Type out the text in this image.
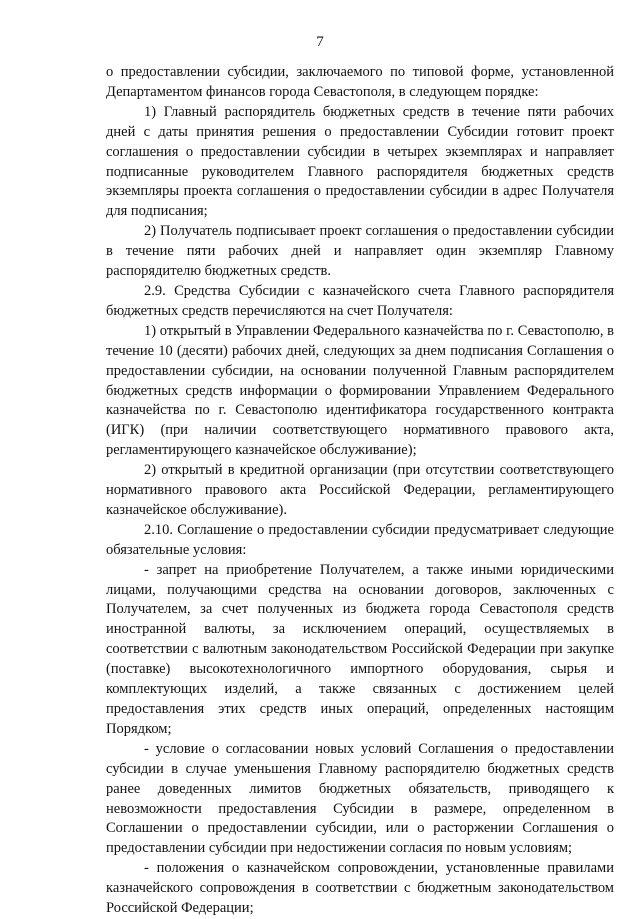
7

о предоставлении субсидии, заключаемого по типовой форме, установленной Департаментом финансов города Севастополя, в следующем порядке:

1) Главный распорядитель бюджетных средств в течение пяти рабочих дней с даты принятия решения о предоставлении Субсидии готовит проект соглашения о предоставлении субсидии в четырех экземплярах и направляет подписанные руководителем Главного распорядителя бюджетных средств экземпляры проекта соглашения о предоставлении субсидии в адрес Получателя для подписания;

2) Получатель подписывает проект соглашения о предоставлении субсидии в течение пяти рабочих дней и направляет один экземпляр Главному распорядителю бюджетных средств.

2.9. Средства Субсидии с казначейского счета Главного распорядителя бюджетных средств перечисляются на счет Получателя:

1) открытый в Управлении Федерального казначейства по г. Севастополю, в течение 10 (десяти) рабочих дней, следующих за днем подписания Соглашения о предоставлении субсидии, на основании полученной Главным распорядителем бюджетных средств информации о формировании Управлением Федерального казначейства по г. Севастополю идентификатора государственного контракта (ИГК) (при наличии соответствующего нормативного правового акта, регламентирующего казначейское обслуживание);

2) открытый в кредитной организации (при отсутствии соответствующего нормативного правового акта Российской Федерации, регламентирующего казначейское обслуживание).

2.10. Соглашение о предоставлении субсидии предусматривает следующие обязательные условия:

- запрет на приобретение Получателем, а также иными юридическими лицами, получающими средства на основании договоров, заключенных с Получателем, за счет полученных из бюджета города Севастополя средств иностранной валюты, за исключением операций, осуществляемых в соответствии с валютным законодательством Российской Федерации при закупке (поставке) высокотехнологичного импортного оборудования, сырья и комплектующих изделий, а также связанных с достижением целей предоставления этих средств иных операций, определенных настоящим Порядком;

- условие о согласовании новых условий Соглашения о предоставлении субсидии в случае уменьшения Главному распорядителю бюджетных средств ранее доведенных лимитов бюджетных обязательств, приводящего к невозможности предоставления Субсидии в размере, определенном в Соглашении о предоставлении субсидии, или о расторжении Соглашения о предоставлении субсидии при недостижении согласия по новым условиям;

- положения о казначейском сопровождении, установленные правилами казначейского сопровождения в соответствии с бюджетным законодательством Российской Федерации;
